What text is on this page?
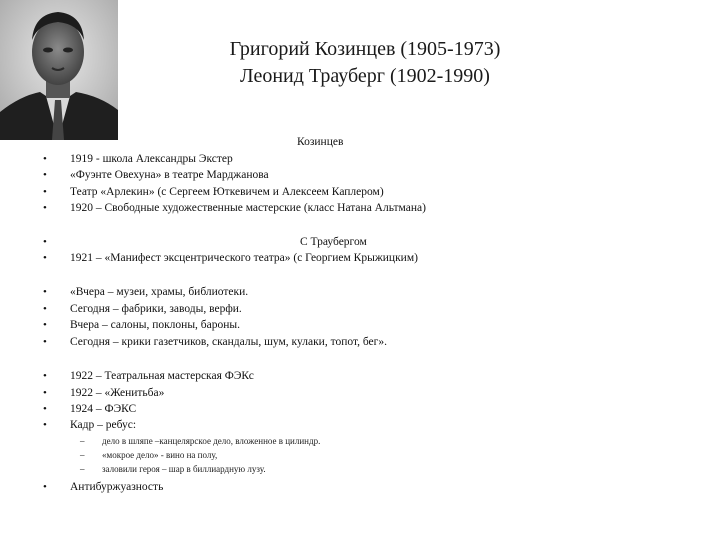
Григорий Козинцев (1905-1973)
Леонид Трауберг (1902-1990)
Козинцев
• 1919 - школа Александры Экстер
• «Фуэнте Овехуна» в театре Марджанова
• Театр «Арлекин» (с Сергеем Юткевичем и Алексеем Каплером)
• 1920 – Свободные художественные мастерские (класс Натана Альтмана)
•	С Траубергом
• 1921 – «Манифест эксцентрического театра» (с Георгием Крыжицким)
• «Вчера – музеи, храмы, библиотеки.
• Сегодня – фабрики, заводы, верфи.
• Вчера – салоны, поклоны, бароны.
• Сегодня – крики газетчиков, скандалы, шум, кулаки, топот, бег».
• 1922 – Театральная мастерская ФЭКс
• 1922 – «Женитьба»
• 1924 – ФЭКС
• Кадр – ребус:
– дело в шляпе –канцелярское дело, вложенное в цилиндр.
– «мокрое дело» - вино на полу,
– заловили героя – шар в биллиардную лузу.
• Антибуржуазность
